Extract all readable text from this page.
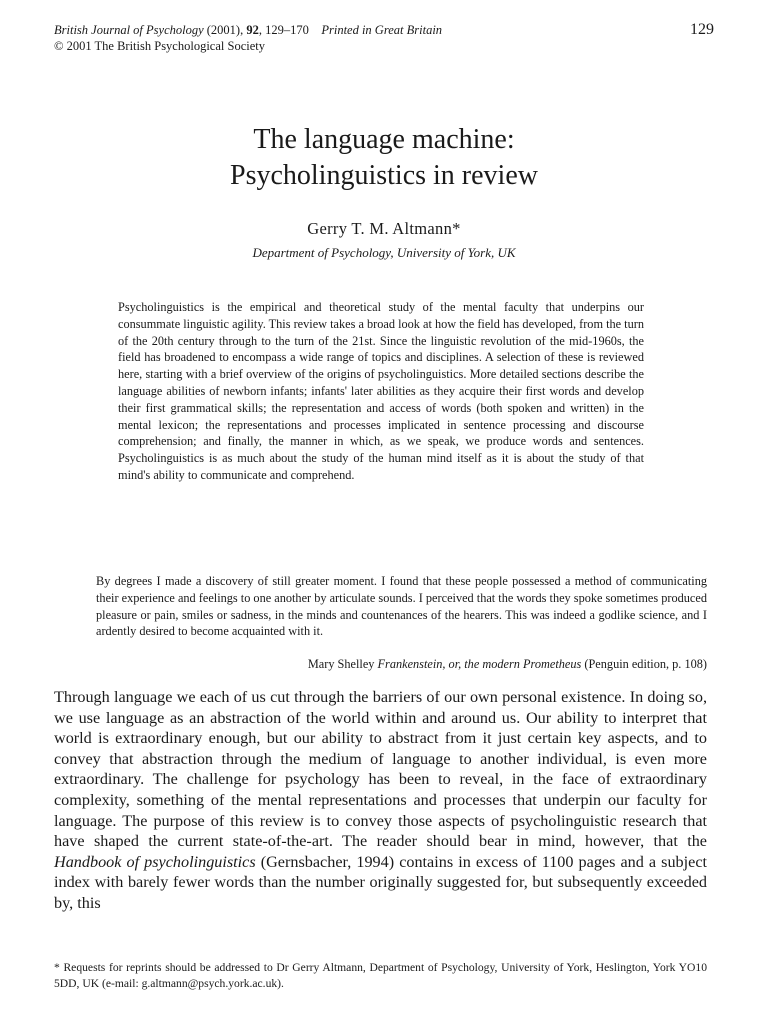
British Journal of Psychology (2001), 92, 129–170 Printed in Great Britain	129
© 2001 The British Psychological Society
The language machine:
Psycholinguistics in review
Gerry T. M. Altmann*
Department of Psychology, University of York, UK

Psycholinguistics is the empirical and theoretical study of the mental faculty that underpins our consummate linguistic agility. This review takes a broad look at how the field has developed, from the turn of the 20th century through to the turn of the 21st. Since the linguistic revolution of the mid-1960s, the field has broadened to encompass a wide range of topics and disciplines. A selection of these is reviewed here, starting with a brief overview of the origins of psycholinguistics. More detailed sections describe the language abilities of newborn infants; infants' later abilities as they acquire their first words and develop their first grammatical skills; the representation and access of words (both spoken and written) in the mental lexicon; the representations and processes implicated in sentence processing and discourse comprehension; and finally, the manner in which, as we speak, we produce words and sentences. Psycholinguistics is as much about the study of the human mind itself as it is about the study of that mind's ability to communicate and comprehend.

By degrees I made a discovery of still greater moment. I found that these people possessed a method of communicating their experience and feelings to one another by articulate sounds. I perceived that the words they spoke sometimes produced pleasure or pain, smiles or sadness, in the minds and countenances of the hearers. This was indeed a godlike science, and I ardently desired to become acquainted with it.

Mary Shelley Frankenstein, or, the modern Prometheus (Penguin edition, p. 108)

Through language we each of us cut through the barriers of our own personal existence. In doing so, we use language as an abstraction of the world within and around us. Our ability to interpret that world is extraordinary enough, but our ability to abstract from it just certain key aspects, and to convey that abstraction through the medium of language to another individual, is even more extraordinary. The challenge for psychology has been to reveal, in the face of extraordinary complexity, something of the mental representations and processes that underpin our faculty for language. The purpose of this review is to convey those aspects of psycholinguistic research that have shaped the current state-of-the-art. The reader should bear in mind, however, that the Handbook of psycholinguistics (Gernsbacher, 1994) contains in excess of 1100 pages and a subject index with barely fewer words than the number originally suggested for, but subsequently exceeded by, this

* Requests for reprints should be addressed to Dr Gerry Altmann, Department of Psychology, University of York, Heslington, York YO10 5DD, UK (e-mail: g.altmann@psych.york.ac.uk).
